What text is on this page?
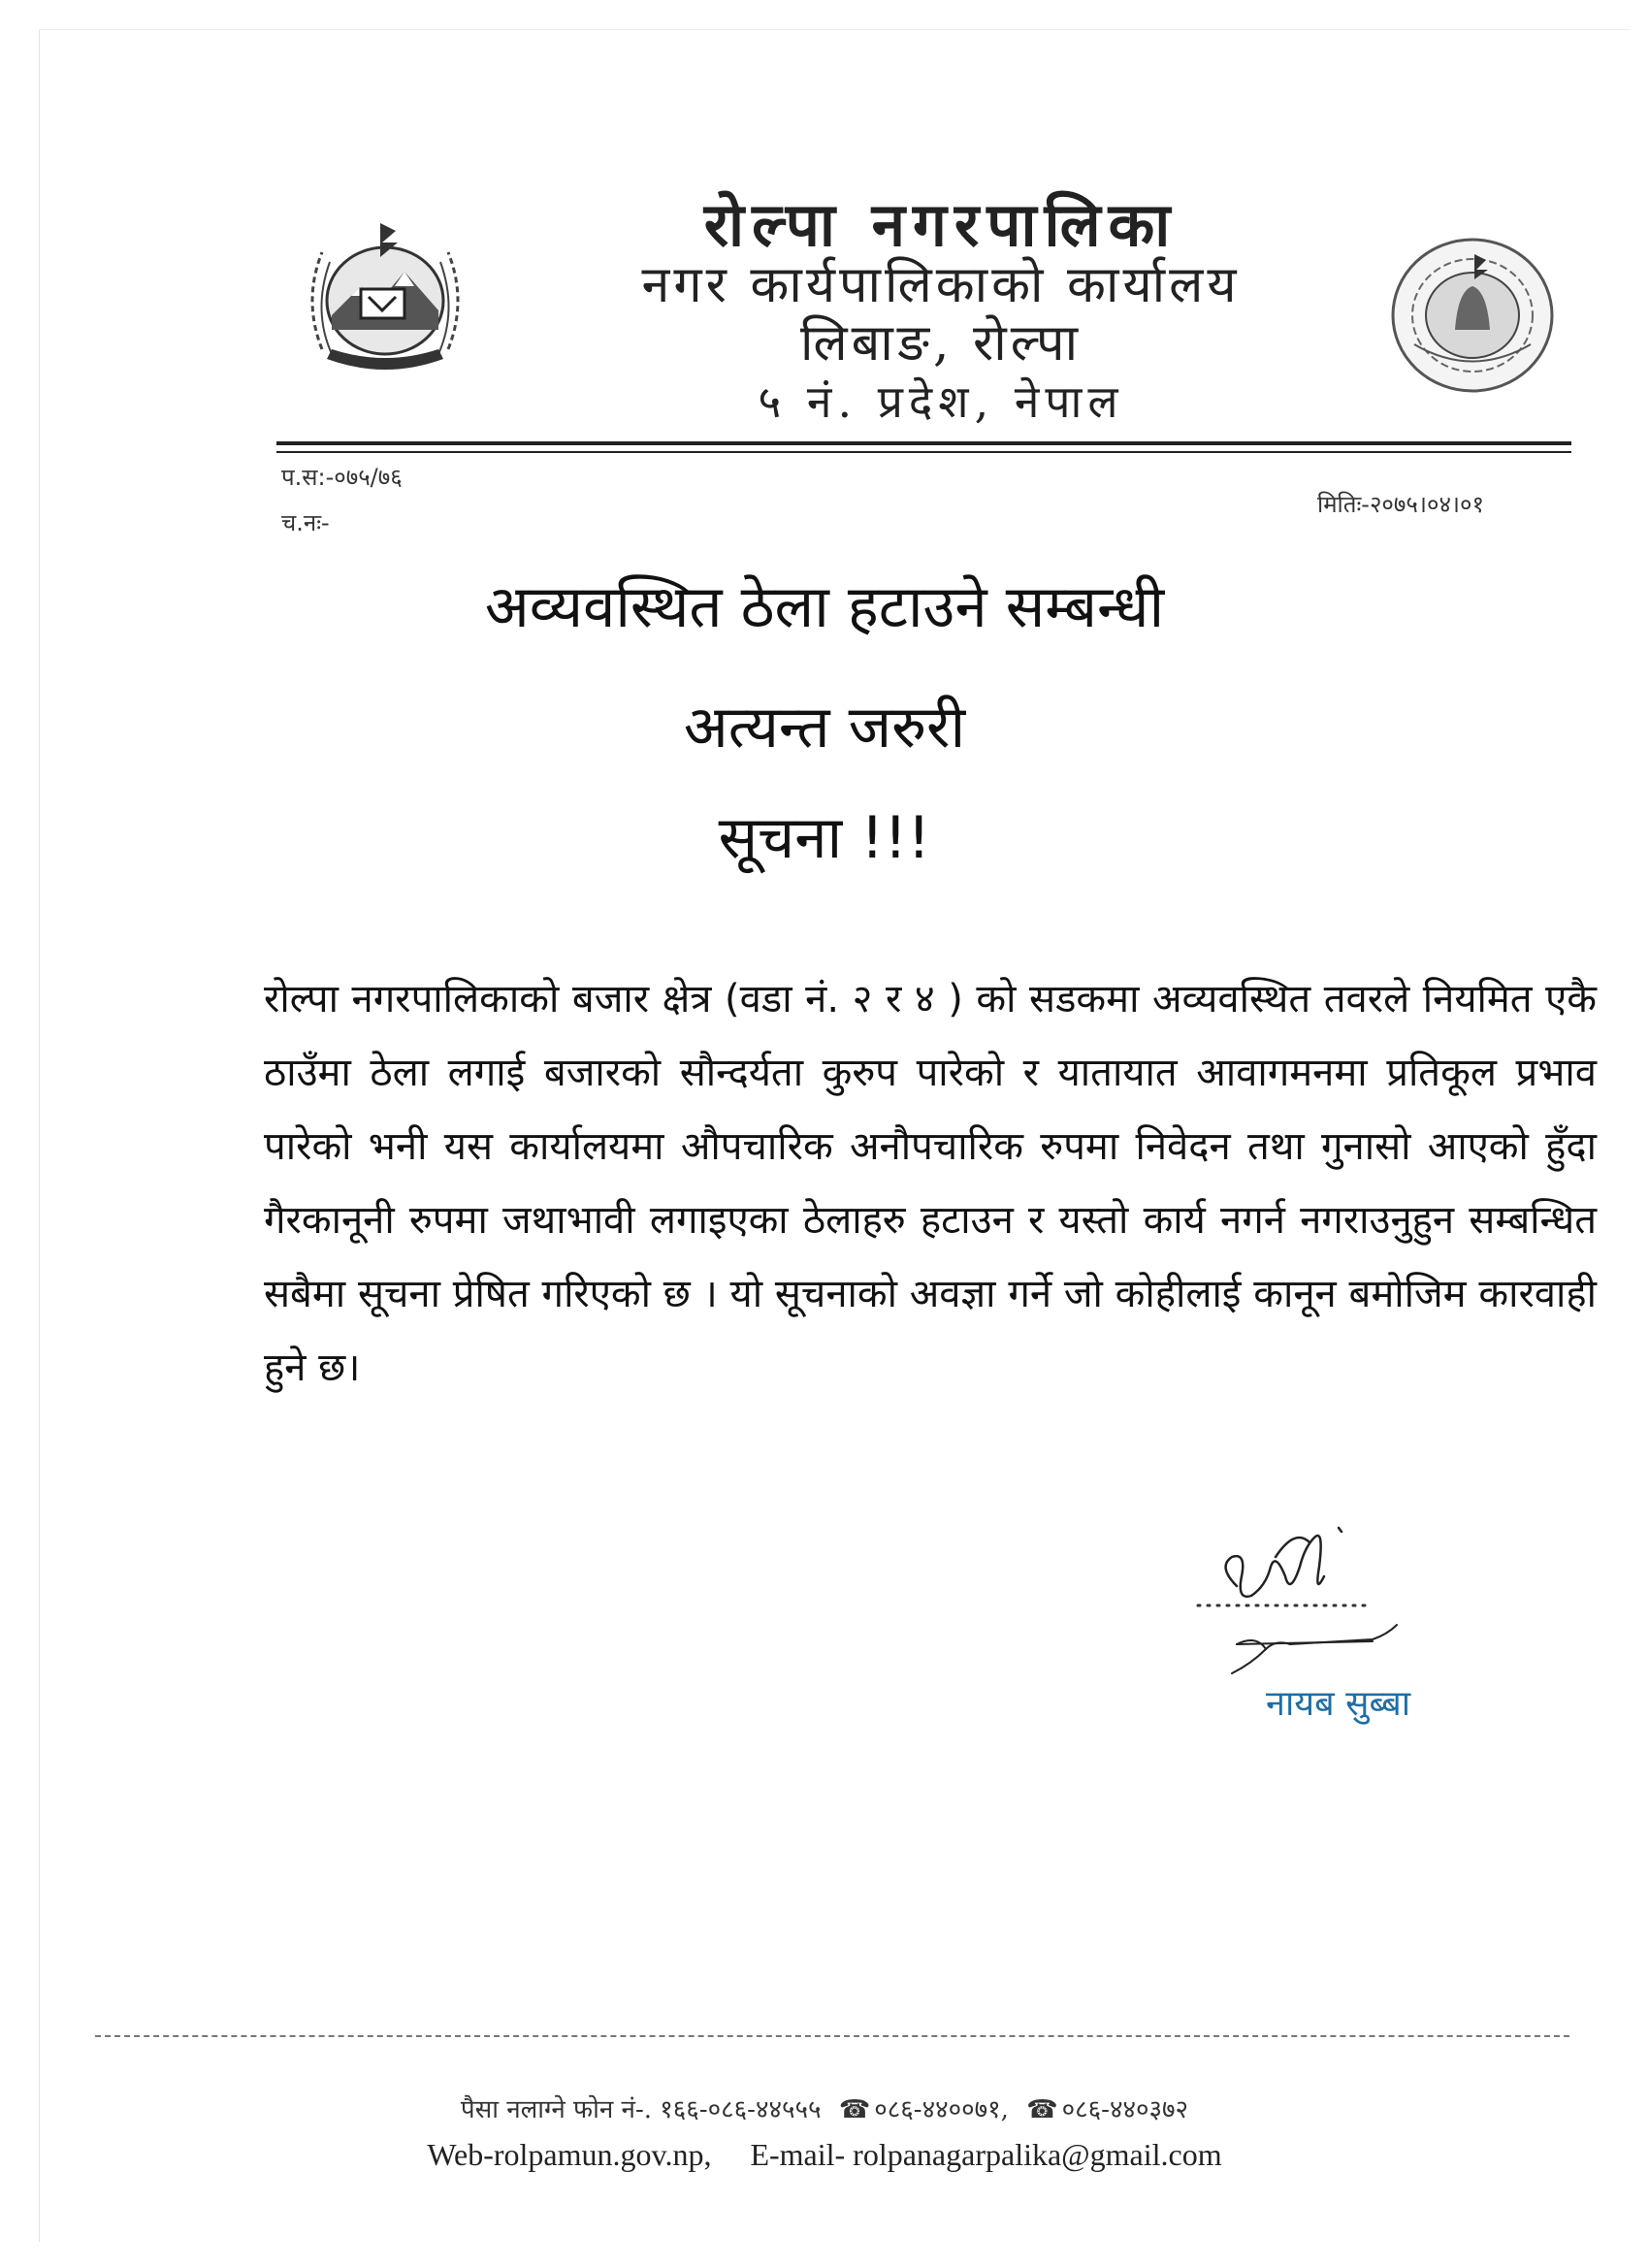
रोल्पा नगरपालिका
नगर कार्यपालिकाको कार्यालय
लिबाङ, रोल्पा
५ नं. प्रदेश, नेपाल
प.स:-०७५/७६
च.नः-
मितिः-२०७५।०४।०१
अव्यवस्थित ठेला हटाउने सम्बन्धी
अत्यन्त जरुरी
सूचना !!!
रोल्पा नगरपालिकाको बजार क्षेत्र (वडा नं. २ र ४ ) को सडकमा अव्यवस्थित तवरले नियमित एकै ठाउँमा ठेला लगाई बजारको सौन्दर्यता कुरुप पारेको र यातायात आवागमनमा प्रतिकूल प्रभाव पारेको भनी यस कार्यालयमा औपचारिक अनौपचारिक रुपमा निवेदन तथा गुनासो आएको हुँदा गैरकानूनी रुपमा जथाभावी लगाइएका ठेलाहरु हटाउन र यस्तो कार्य नगर्न नगराउनुहुन सम्बन्धित सबैमा सूचना प्रेषित गरिएको छ । यो सूचनाको अवज्ञा गर्ने जो कोहीलाई कानून बमोजिम कारवाही हुने छ।
नायब सुब्बा
पैसा नलाग्ने फोन नं-. १६६-०८६-४४५५५ ☎ ०८६-४४००७१, ☎ ०८६-४४०३७२
Web-rolpamun.gov.np, E-mail- rolpanagarpalika@gmail.com
